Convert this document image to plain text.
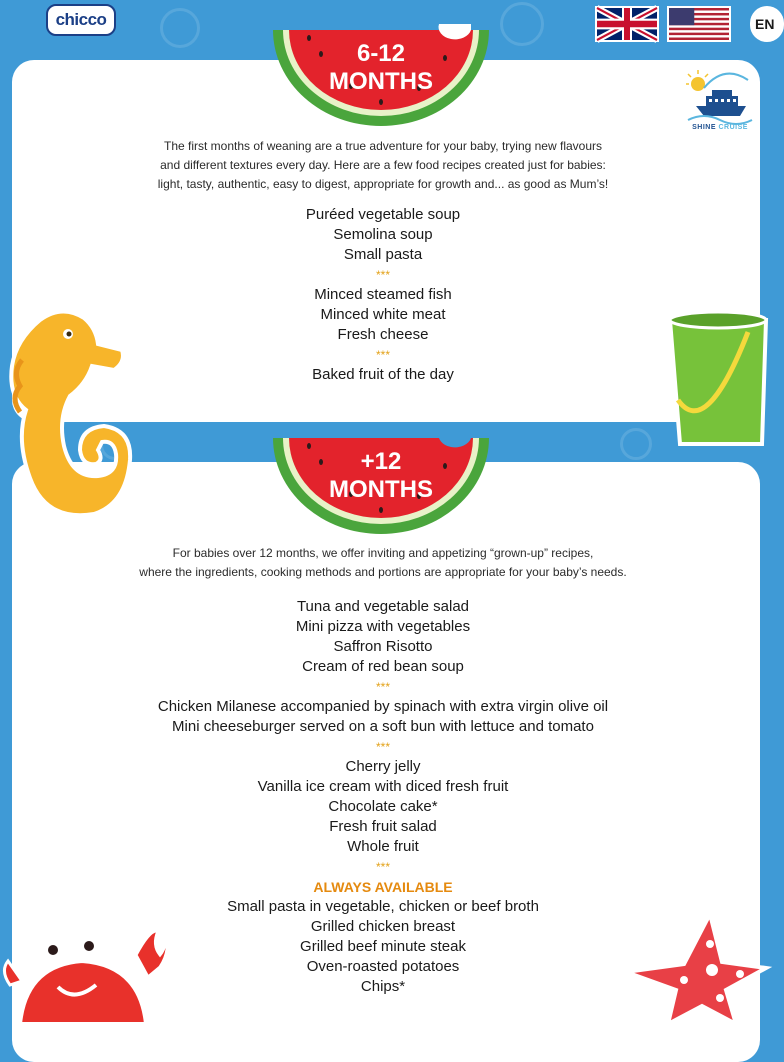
chicco	EN
6-12
MONTHS
SHINE CRUISE
The first months of weaning are a true adventure for your baby, trying new flavours
and different textures every day. Here are a few food recipes created just for babies:
light, tasty, authentic, easy to digest, appropriate for growth and... as good as Mum’s!
Puréed vegetable soup
Semolina soup
Small pasta
***
Minced steamed fish
Minced white meat
Fresh cheese
***
Baked fruit of the day
+12
MONTHS
For babies over 12 months, we offer inviting and appetizing “grown-up” recipes,
where the ingredients, cooking methods and portions are appropriate for your baby’s needs.
Tuna and vegetable salad
Mini pizza with vegetables
Saffron Risotto
Cream of red bean soup
***
Chicken Milanese accompanied by spinach with extra virgin olive oil
Mini cheeseburger served on a soft bun with lettuce and tomato
***
Cherry jelly
Vanilla ice cream with diced fresh fruit
Chocolate cake*
Fresh fruit salad
Whole fruit
***
ALWAYS AVAILABLE
Small pasta in vegetable, chicken or beef broth
Grilled chicken breast
Grilled beef minute steak
Oven-roasted potatoes
Chips*
